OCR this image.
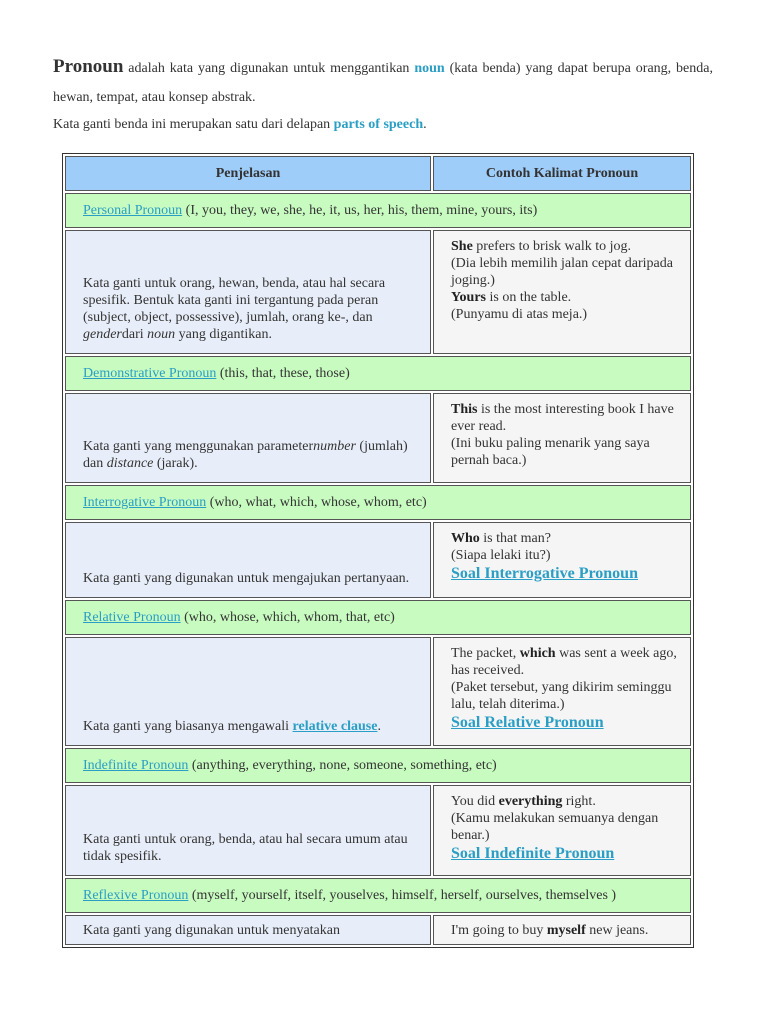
Pronoun adalah kata yang digunakan untuk menggantikan noun (kata benda) yang dapat berupa orang, benda, hewan, tempat, atau konsep abstrak.

Kata ganti benda ini merupakan satu dari delapan parts of speech.

Penjelasan	Contoh Kalimat Pronoun
Personal Pronoun (I, you, they, we, she, he, it, us, her, his, them, mine, yours, its)	
Kata ganti untuk orang, hewan, benda, atau hal secara spesifik. Bentuk kata ganti ini tergantung pada peran (subject, object, possessive), jumlah, orang ke-, dan genderdari noun yang digantikan.	She prefers to brisk walk to jog.
(Dia lebih memilih jalan cepat daripada joging.)
Yours is on the table.
(Punyamu di atas meja.)

Demonstrative Pronoun (this, that, these, those)	
Kata ganti yang menggunakan parameternumber (jumlah) dan distance (jarak).	This is the most interesting book I have ever read.
(Ini buku paling menarik yang saya pernah baca.)

Interrogative Pronoun (who, what, which, whose, whom, etc)	
Kata ganti yang digunakan untuk mengajukan pertanyaan.	Who is that man?
(Siapa lelaki itu?)
Soal Interrogative Pronoun

Relative Pronoun (who, whose, which, whom, that, etc)	
Kata ganti yang biasanya mengawali relative clause.	The packet, which was sent a week ago, has received.
(Paket tersebut, yang dikirim seminggu lalu, telah diterima.)
Soal Relative Pronoun

Indefinite Pronoun (anything, everything, none, someone, something, etc)	
Kata ganti untuk orang, benda, atau hal secara umum atau tidak spesifik.	You did everything right.
(Kamu melakukan semuanya dengan benar.)
Soal Indefinite Pronoun

Reflexive Pronoun (myself, yourself, itself, youselves, himself, herself, ourselves, themselves )	
Kata ganti yang digunakan untuk menyatakan	I'm going to buy myself new jeans.
